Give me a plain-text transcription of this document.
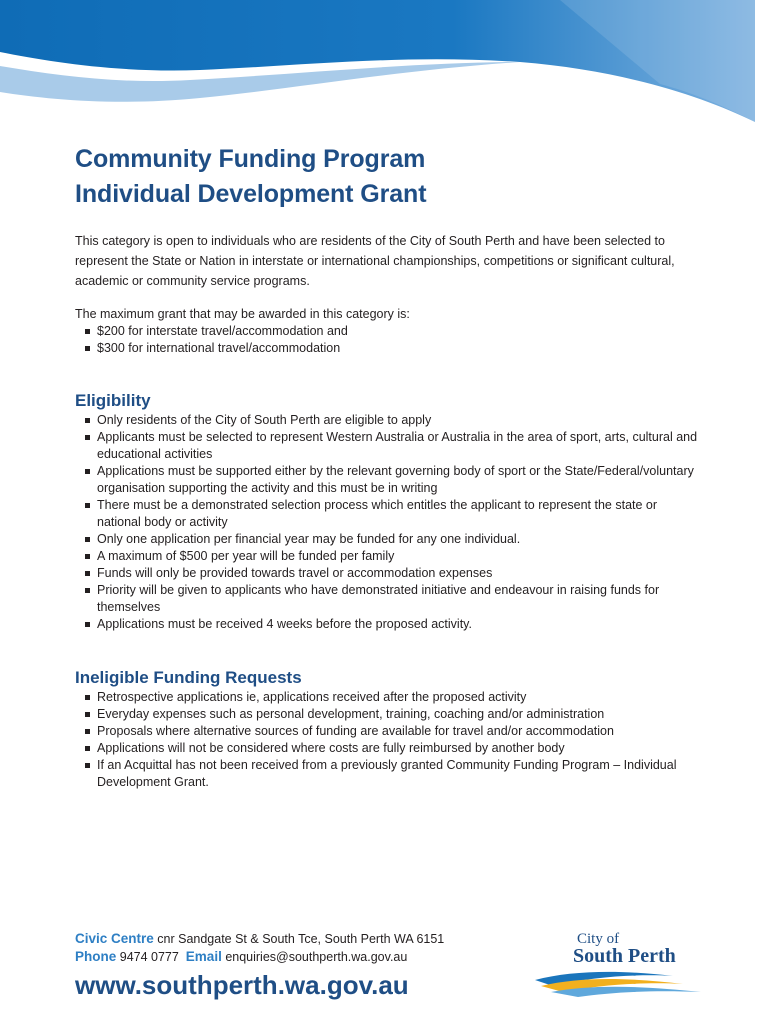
Community Funding Program
Individual Development Grant

This category is open to individuals who are residents of the City of South Perth and have been selected to represent the State or Nation in interstate or international championships, competitions or significant cultural, academic or community service programs.

The maximum grant that may be awarded in this category is:

$200 for interstate travel/accommodation and
$300 for international travel/accommodation
Eligibility
Only residents of the City of South Perth are eligible to apply
Applicants must be selected to represent Western Australia or Australia in the area of sport, arts, cultural and educational activities
Applications must be supported either by the relevant governing body of sport or the State/Federal/voluntary organisation supporting the activity and this must be in writing
There must be a demonstrated selection process which entitles the applicant to represent the state or national body or activity
Only one application per financial year may be funded for any one individual.
A maximum of $500 per year will be funded per family
Funds will only be provided towards travel or accommodation expenses
Priority will be given to applicants who have demonstrated initiative and endeavour in raising funds for themselves
Applications must be received 4 weeks before the proposed activity.
Ineligible Funding Requests
Retrospective applications ie, applications received after the proposed activity
Everyday expenses such as personal development, training, coaching and/or administration
Proposals where alternative sources of funding are available for travel and/or accommodation
Applications will not be considered where costs are fully reimbursed by another body
If an Acquittal has not been received from a previously granted Community Funding Program – Individual Development Grant.
Civic Centre cnr Sandgate St & South Tce, South Perth WA 6151
Phone 9474 0777 Email enquiries@southperth.wa.gov.au
www.southperth.wa.gov.au
City of
South Perth
